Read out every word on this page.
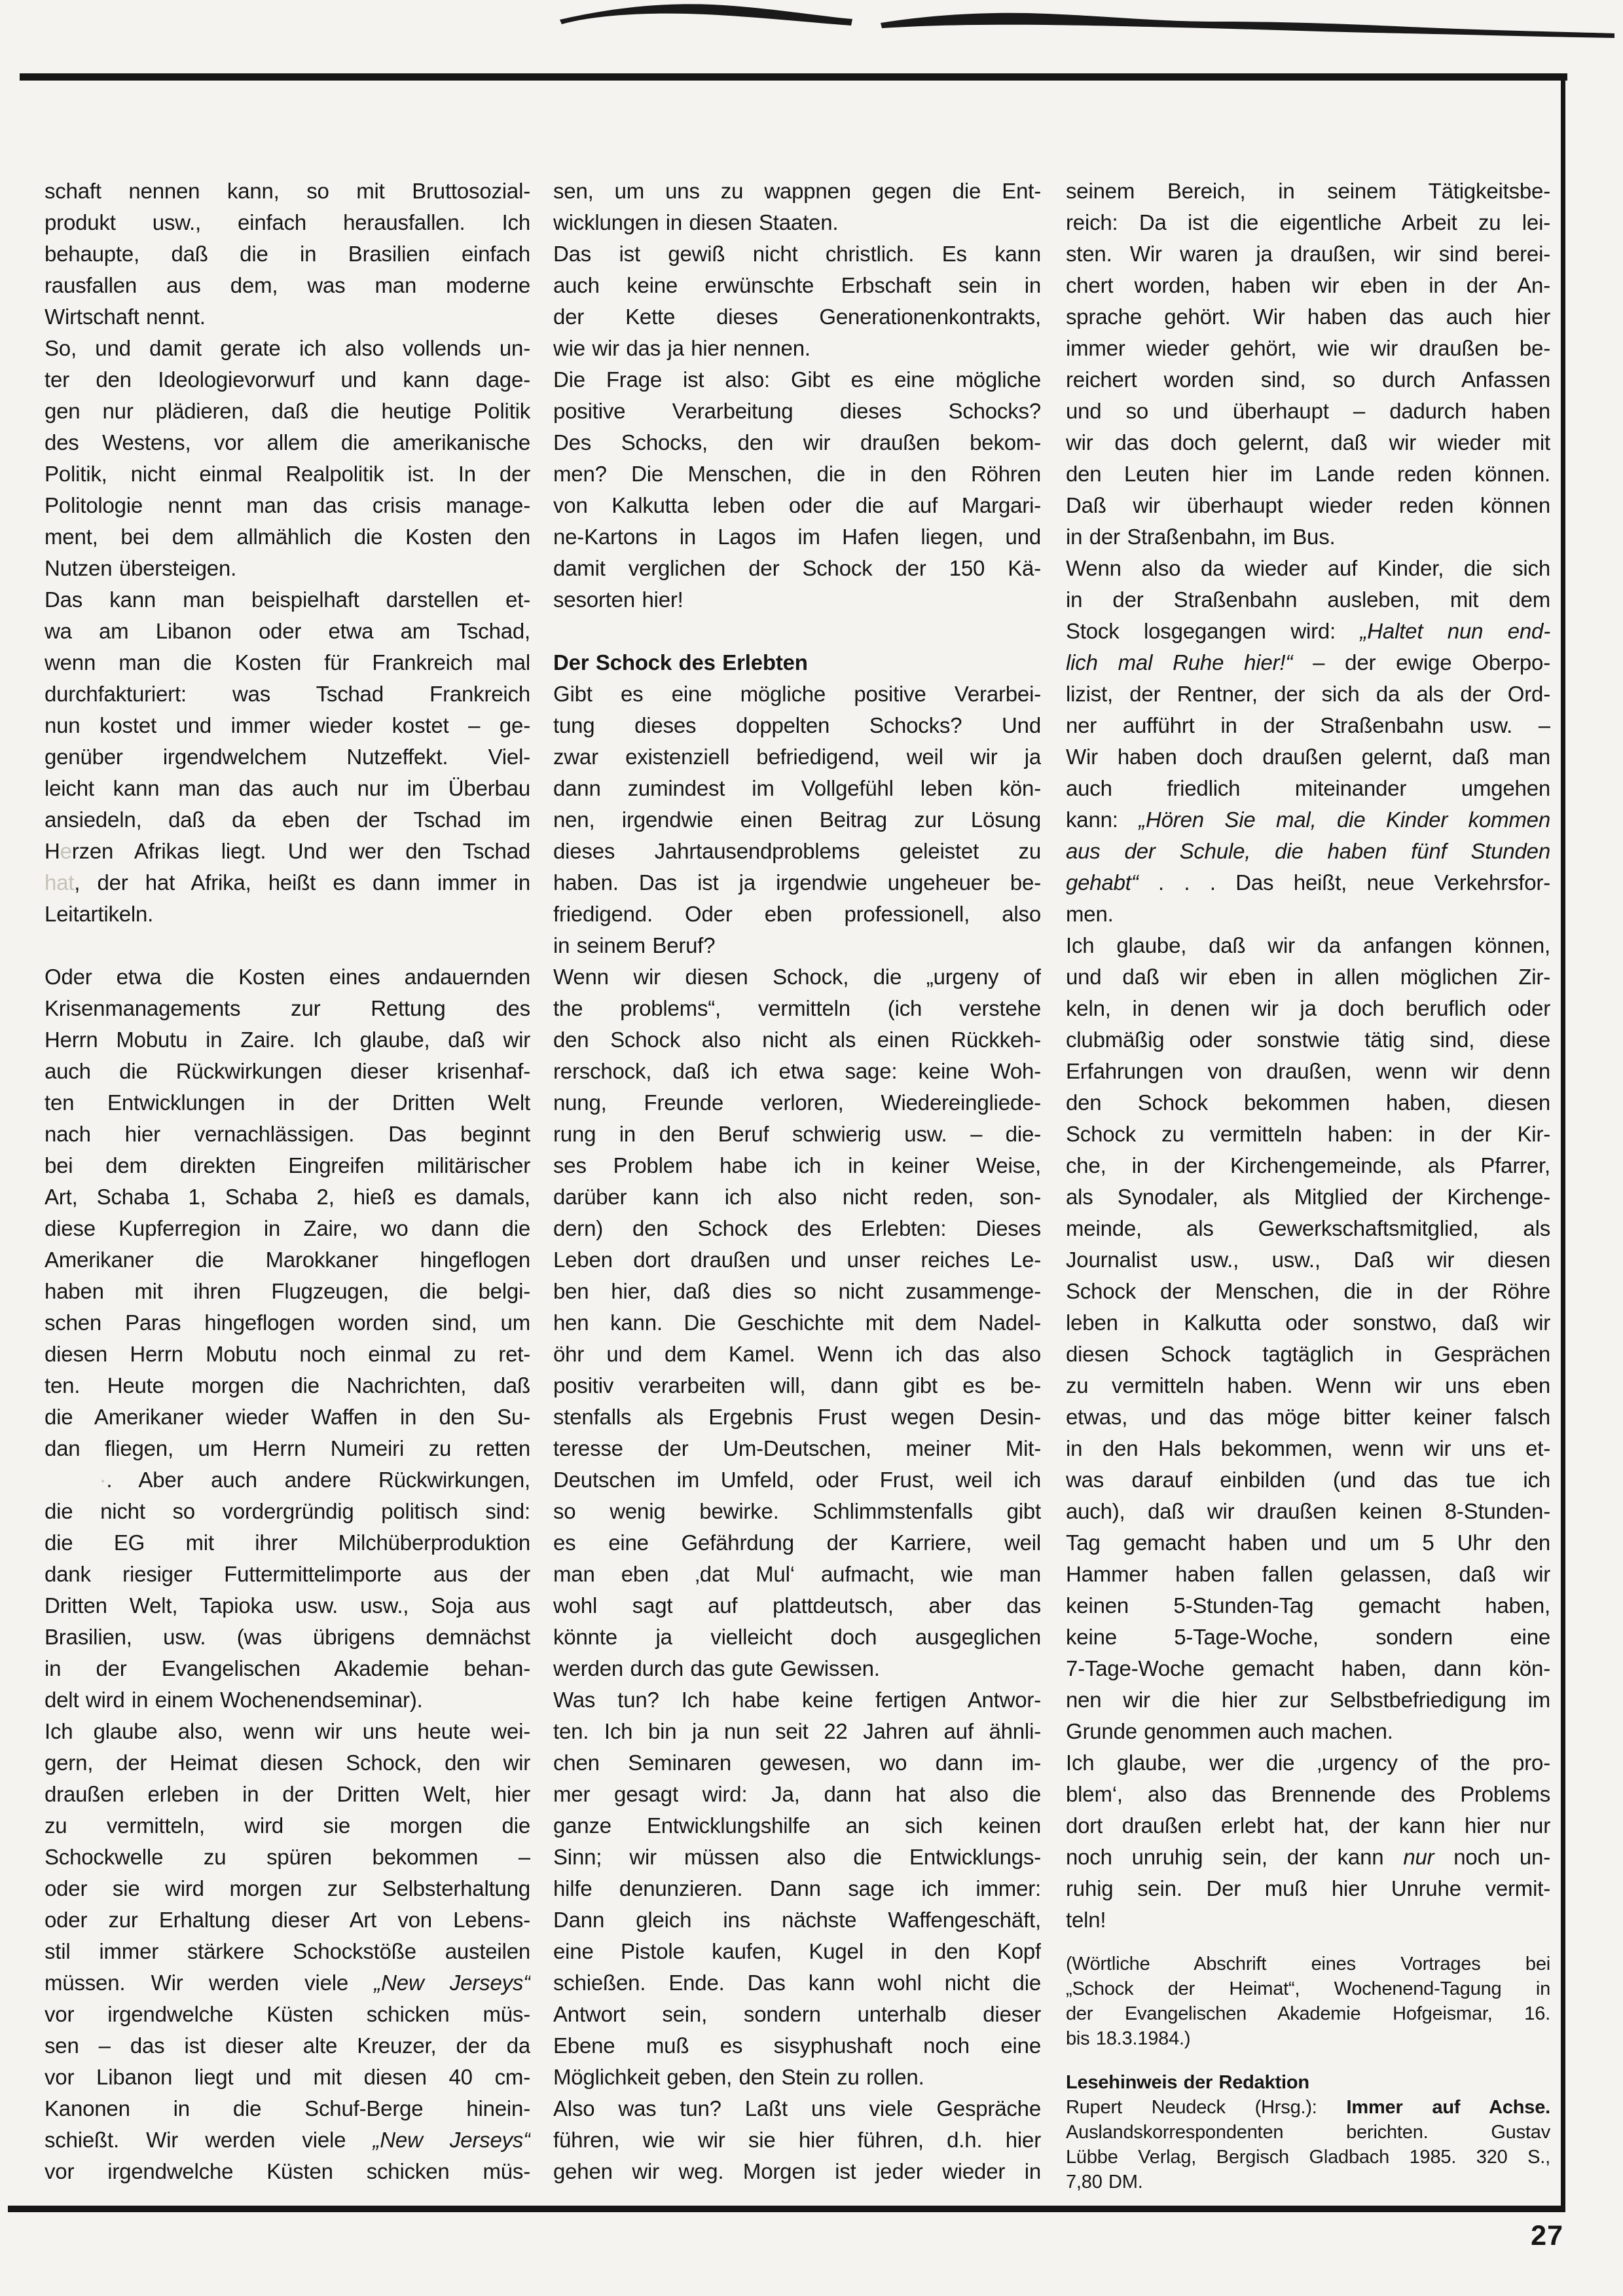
schaft nennen kann, so mit Bruttosozial-
produkt usw., einfach herausfallen. Ich
behaupte, daß die in Brasilien einfach
rausfallen aus dem, was man moderne
Wirtschaft nennt.
So, und damit gerate ich also vollends un-
ter den Ideologievorwurf und kann dage-
gen nur plädieren, daß die heutige Politik
des Westens, vor allem die amerikanische
Politik, nicht einmal Realpolitik ist. In der
Politologie nennt man das crisis manage-
ment, bei dem allmählich die Kosten den
Nutzen übersteigen.
Das kann man beispielhaft darstellen et-
wa am Libanon oder etwa am Tschad,
wenn man die Kosten für Frankreich mal
durchfakturiert: was Tschad Frankreich
nun kostet und immer wieder kostet – ge-
genüber irgendwelchem Nutzeffekt. Viel-
leicht kann man das auch nur im Überbau
ansiedeln, daß da eben der Tschad im
Herzen Afrikas liegt. Und wer den Tschad
hat, der hat Afrika, heißt es dann immer in
Leitartikeln.
Oder etwa die Kosten eines andauernden
Krisenmanagements zur Rettung des
Herrn Mobutu in Zaire. Ich glaube, daß wir
auch die Rückwirkungen dieser krisenhaf-
ten Entwicklungen in der Dritten Welt
nach hier vernachlässigen. Das beginnt
bei dem direkten Eingreifen militärischer
Art, Schaba 1, Schaba 2, hieß es damals,
diese Kupferregion in Zaire, wo dann die
Amerikaner die Marokkaner hingeflogen
haben mit ihren Flugzeugen, die belgi-
schen Paras hingeflogen worden sind, um
diesen Herrn Mobutu noch einmal zu ret-
ten. Heute morgen die Nachrichten, daß
die Amerikaner wieder Waffen in den Su-
dan fliegen, um Herrn Numeiri zu retten
·. Aber auch andere Rückwirkungen,
die nicht so vordergründig politisch sind:
die EG mit ihrer Milchüberproduktion
dank riesiger Futtermittelimporte aus der
Dritten Welt, Tapioka usw. usw., Soja aus
Brasilien, usw. (was übrigens demnächst
in der Evangelischen Akademie behan-
delt wird in einem Wochenendseminar).
Ich glaube also, wenn wir uns heute wei-
gern, der Heimat diesen Schock, den wir
draußen erleben in der Dritten Welt, hier
zu vermitteln, wird sie morgen die
Schockwelle zu spüren bekommen –
oder sie wird morgen zur Selbsterhaltung
oder zur Erhaltung dieser Art von Lebens-
stil immer stärkere Schockstöße austeilen
müssen. Wir werden viele „New Jerseys“
vor irgendwelche Küsten schicken müs-
sen – das ist dieser alte Kreuzer, der da
vor Libanon liegt und mit diesen 40 cm-
Kanonen in die Schuf-Berge hinein-
schießt. Wir werden viele „New Jerseys“
vor irgendwelche Küsten schicken müs-
sen, um uns zu wappnen gegen die Ent-
wicklungen in diesen Staaten.
Das ist gewiß nicht christlich. Es kann
auch keine erwünschte Erbschaft sein in
der Kette dieses Generationenkontrakts,
wie wir das ja hier nennen.
Die Frage ist also: Gibt es eine mögliche
positive Verarbeitung dieses Schocks?
Des Schocks, den wir draußen bekom-
men? Die Menschen, die in den Röhren
von Kalkutta leben oder die auf Margari-
ne-Kartons in Lagos im Hafen liegen, und
damit verglichen der Schock der 150 Kä-
sesorten hier!
Der Schock des Erlebten
Gibt es eine mögliche positive Verarbei-
tung dieses doppelten Schocks? Und
zwar existenziell befriedigend, weil wir ja
dann zumindest im Vollgefühl leben kön-
nen, irgendwie einen Beitrag zur Lösung
dieses Jahrtausendproblems geleistet zu
haben. Das ist ja irgendwie ungeheuer be-
friedigend. Oder eben professionell, also
in seinem Beruf?
Wenn wir diesen Schock, die „urgeny of
the problems“, vermitteln (ich verstehe
den Schock also nicht als einen Rückkeh-
rerschock, daß ich etwa sage: keine Woh-
nung, Freunde verloren, Wiedereingliede-
rung in den Beruf schwierig usw. – die-
ses Problem habe ich in keiner Weise,
darüber kann ich also nicht reden, son-
dern) den Schock des Erlebten: Dieses
Leben dort draußen und unser reiches Le-
ben hier, daß dies so nicht zusammenge-
hen kann. Die Geschichte mit dem Nadel-
öhr und dem Kamel. Wenn ich das also
positiv verarbeiten will, dann gibt es be-
stenfalls als Ergebnis Frust wegen Desin-
teresse der Um-Deutschen, meiner Mit-
Deutschen im Umfeld, oder Frust, weil ich
so wenig bewirke. Schlimmstenfalls gibt
es eine Gefährdung der Karriere, weil
man eben ‚dat Mul‘ aufmacht, wie man
wohl sagt auf plattdeutsch, aber das
könnte ja vielleicht doch ausgeglichen
werden durch das gute Gewissen.
Was tun? Ich habe keine fertigen Antwor-
ten. Ich bin ja nun seit 22 Jahren auf ähnli-
chen Seminaren gewesen, wo dann im-
mer gesagt wird: Ja, dann hat also die
ganze Entwicklungshilfe an sich keinen
Sinn; wir müssen also die Entwicklungs-
hilfe denunzieren. Dann sage ich immer:
Dann gleich ins nächste Waffengeschäft,
eine Pistole kaufen, Kugel in den Kopf
schießen. Ende. Das kann wohl nicht die
Antwort sein, sondern unterhalb dieser
Ebene muß es sisyphushaft noch eine
Möglichkeit geben, den Stein zu rollen.
Also was tun? Laßt uns viele Gespräche
führen, wie wir sie hier führen, d.h. hier
gehen wir weg. Morgen ist jeder wieder in
seinem Bereich, in seinem Tätigkeitsbe-
reich: Da ist die eigentliche Arbeit zu lei-
sten. Wir waren ja draußen, wir sind berei-
chert worden, haben wir eben in der An-
sprache gehört. Wir haben das auch hier
immer wieder gehört, wie wir draußen be-
reichert worden sind, so durch Anfassen
und so und überhaupt – dadurch haben
wir das doch gelernt, daß wir wieder mit
den Leuten hier im Lande reden können.
Daß wir überhaupt wieder reden können
in der Straßenbahn, im Bus.
Wenn also da wieder auf Kinder, die sich
in der Straßenbahn ausleben, mit dem
Stock losgegangen wird: „Haltet nun end-
lich mal Ruhe hier!“ – der ewige Oberpo-
lizist, der Rentner, der sich da als der Ord-
ner aufführt in der Straßenbahn usw. –
Wir haben doch draußen gelernt, daß man
auch friedlich miteinander umgehen
kann: „Hören Sie mal, die Kinder kommen
aus der Schule, die haben fünf Stunden
gehabt“ . . . Das heißt, neue Verkehrsfor-
men.
Ich glaube, daß wir da anfangen können,
und daß wir eben in allen möglichen Zir-
keln, in denen wir ja doch beruflich oder
clubmäßig oder sonstwie tätig sind, diese
Erfahrungen von draußen, wenn wir denn
den Schock bekommen haben, diesen
Schock zu vermitteln haben: in der Kir-
che, in der Kirchengemeinde, als Pfarrer,
als Synodaler, als Mitglied der Kirchenge-
meinde, als Gewerkschaftsmitglied, als
Journalist usw., usw., Daß wir diesen
Schock der Menschen, die in der Röhre
leben in Kalkutta oder sonstwo, daß wir
diesen Schock tagtäglich in Gesprächen
zu vermitteln haben. Wenn wir uns eben
etwas, und das möge bitter keiner falsch
in den Hals bekommen, wenn wir uns et-
was darauf einbilden (und das tue ich
auch), daß wir draußen keinen 8-Stunden-
Tag gemacht haben und um 5 Uhr den
Hammer haben fallen gelassen, daß wir
keinen 5-Stunden-Tag gemacht haben,
keine 5-Tage-Woche, sondern eine
7-Tage-Woche gemacht haben, dann kön-
nen wir die hier zur Selbstbefriedigung im
Grunde genommen auch machen.
Ich glaube, wer die ‚urgency of the pro-
blem‘, also das Brennende des Problems
dort draußen erlebt hat, der kann hier nur
noch unruhig sein, der kann nur noch un-
ruhig sein. Der muß hier Unruhe vermit-
teln!
(Wörtliche Abschrift eines Vortrages bei
„Schock der Heimat“, Wochenend-Tagung in
der Evangelischen Akademie Hofgeismar, 16.
bis 18.3.1984.)
Lesehinweis der Redaktion
Rupert Neudeck (Hrsg.): Immer auf Achse.
Auslandskorrespondenten berichten. Gustav
Lübbe Verlag, Bergisch Gladbach 1985. 320 S.,
7,80 DM.
27
